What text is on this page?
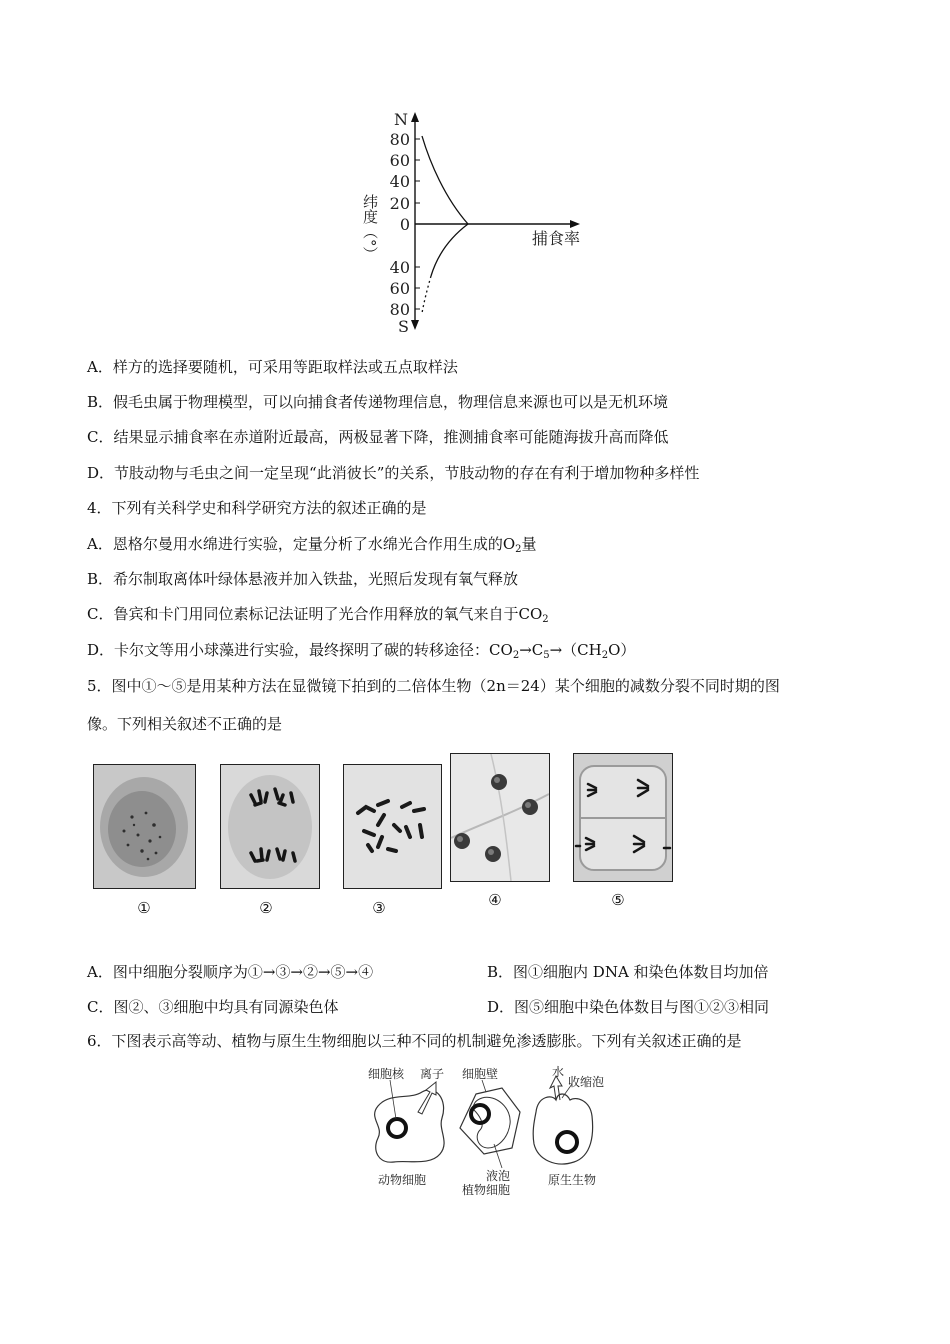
N
80
60
40
20
0
40
60
80
S
纬度（°）	捕食率
A．样方的选择要随机，可采用等距取样法或五点取样法
B．假毛虫属于物理模型，可以向捕食者传递物理信息，物理信息来源也可以是无机环境
C．结果显示捕食率在赤道附近最高，两极显著下降，推测捕食率可能随海拔升高而降低
D．节肢动物与毛虫之间一定呈现“此消彼长”的关系，节肢动物的存在有利于增加物种多样性
4．下列有关科学史和科学研究方法的叙述正确的是
A．恩格尔曼用水绵进行实验，定量分析了水绵光合作用生成的$O_2$量
B．希尔制取离体叶绿体悬液并加入铁盐，光照后发现有氧气释放
C．鲁宾和卡门用同位素标记法证明了光合作用释放的氧气来自于$CO_2$
D．卡尔文等用小球藻进行实验，最终探明了碳的转移途径：$CO_2\to C_5\to(CH_2O)$
5．图中①～⑤是用某种方法在显微镜下拍到的二倍体生物（2n＝24）某个细胞的减数分裂不同时期的图
像。下列相关叙述不正确的是
①	②	③	④	⑤
A．图中细胞分裂顺序为①→③→②→⑤→④	B．图①细胞内 DNA 和染色体数目均加倍
C．图②、③细胞中均具有同源染色体	D．图⑤细胞中染色体数目与图①②③相同
6．下图表示高等动、植物与原生生物细胞以三种不同的机制避免渗透膨胀。下列有关叙述正确的是
细胞核 离子 细胞壁	水
收缩泡
液泡
动物细胞
植物细胞
原生生物
